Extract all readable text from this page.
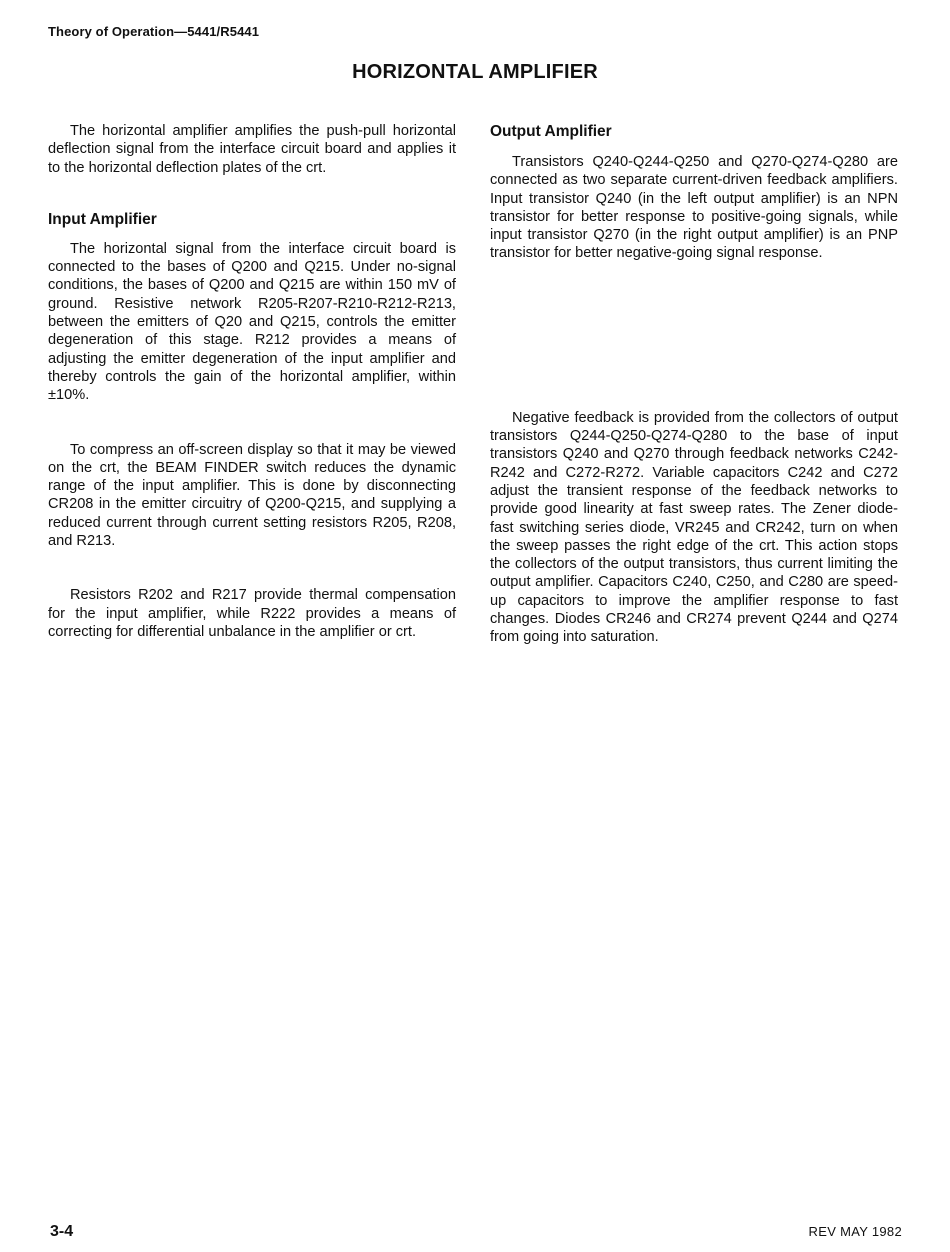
Theory of Operation—5441/R5441
HORIZONTAL AMPLIFIER

The horizontal amplifier amplifies the push-pull horizontal deflection signal from the interface circuit board and applies it to the horizontal deflection plates of the crt.

Input Amplifier

The horizontal signal from the interface circuit board is connected to the bases of Q200 and Q215. Under no-signal conditions, the bases of Q200 and Q215 are within 150 mV of ground. Resistive network R205-R207-R210-R212-R213, between the emitters of Q20 and Q215, controls the emitter degeneration of this stage. R212 provides a means of adjusting the emitter degeneration of the input amplifier and thereby controls the gain of the horizontal amplifier, within ±10%.

To compress an off-screen display so that it may be viewed on the crt, the BEAM FINDER switch reduces the dynamic range of the input amplifier. This is done by disconnecting CR208 in the emitter circuitry of Q200-Q215, and supplying a reduced current through current setting resistors R205, R208, and R213.

Resistors R202 and R217 provide thermal compensation for the input amplifier, while R222 provides a means of correcting for differential unbalance in the amplifier or crt.

Output Amplifier

Transistors Q240-Q244-Q250 and Q270-Q274-Q280 are connected as two separate current-driven feedback amplifiers. Input transistor Q240 (in the left output amplifier) is an NPN transistor for better response to positive-going signals, while input transistor Q270 (in the right output amplifier) is an PNP transistor for better negative-going signal response.

Negative feedback is provided from the collectors of output transistors Q244-Q250-Q274-Q280 to the base of input transistors Q240 and Q270 through feedback networks C242-R242 and C272-R272. Variable capacitors C242 and C272 adjust the transient response of the feedback networks to provide good linearity at fast sweep rates. The Zener diode-fast switching series diode, VR245 and CR242, turn on when the sweep passes the right edge of the crt. This action stops the collectors of the output transistors, thus current limiting the output amplifier. Capacitors C240, C250, and C280 are speed-up capacitors to improve the amplifier response to fast changes. Diodes CR246 and CR274 prevent Q244 and Q274 from going into saturation.

3-4	REV MAY 1982
